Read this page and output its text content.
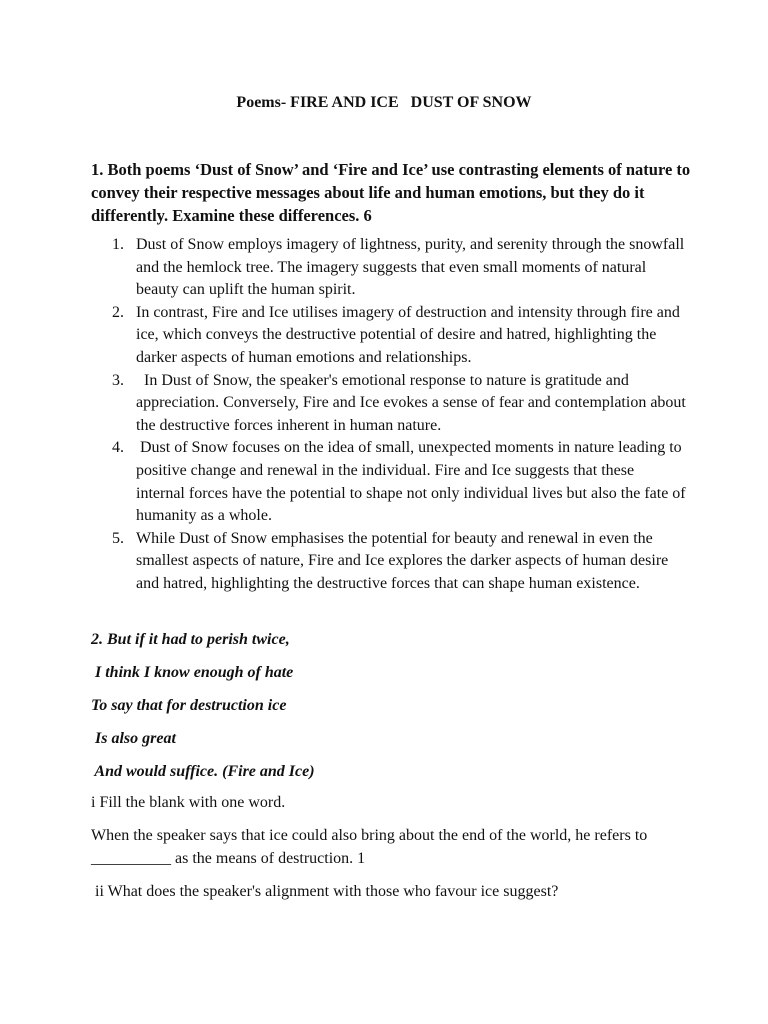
Poems- FIRE AND ICE   DUST OF SNOW
1. Both poems ‘Dust of Snow’ and ‘Fire and Ice’ use contrasting elements of nature to convey their respective messages about life and human emotions, but they do it differently. Examine these differences. 6
1. Dust of Snow employs imagery of lightness, purity, and serenity through the snowfall and the hemlock tree. The imagery suggests that even small moments of natural beauty can uplift the human spirit.
2. In contrast, Fire and Ice utilises imagery of destruction and intensity through fire and ice, which conveys the destructive potential of desire and hatred, highlighting the darker aspects of human emotions and relationships.
3. In Dust of Snow, the speaker's emotional response to nature is gratitude and appreciation. Conversely, Fire and Ice evokes a sense of fear and contemplation about the destructive forces inherent in human nature.
4. Dust of Snow focuses on the idea of small, unexpected moments in nature leading to positive change and renewal in the individual. Fire and Ice suggests that these internal forces have the potential to shape not only individual lives but also the fate of humanity as a whole.
5. While Dust of Snow emphasises the potential for beauty and renewal in even the smallest aspects of nature, Fire and Ice explores the darker aspects of human desire and hatred, highlighting the destructive forces that can shape human existence.
2. But if it had to perish twice,
I think I know enough of hate
To say that for destruction ice
Is also great
And would suffice. (Fire and Ice)
i Fill the blank with one word.
When the speaker says that ice could also bring about the end of the world, he refers to __________ as the means of destruction. 1
ii What does the speaker's alignment with those who favour ice suggest?
